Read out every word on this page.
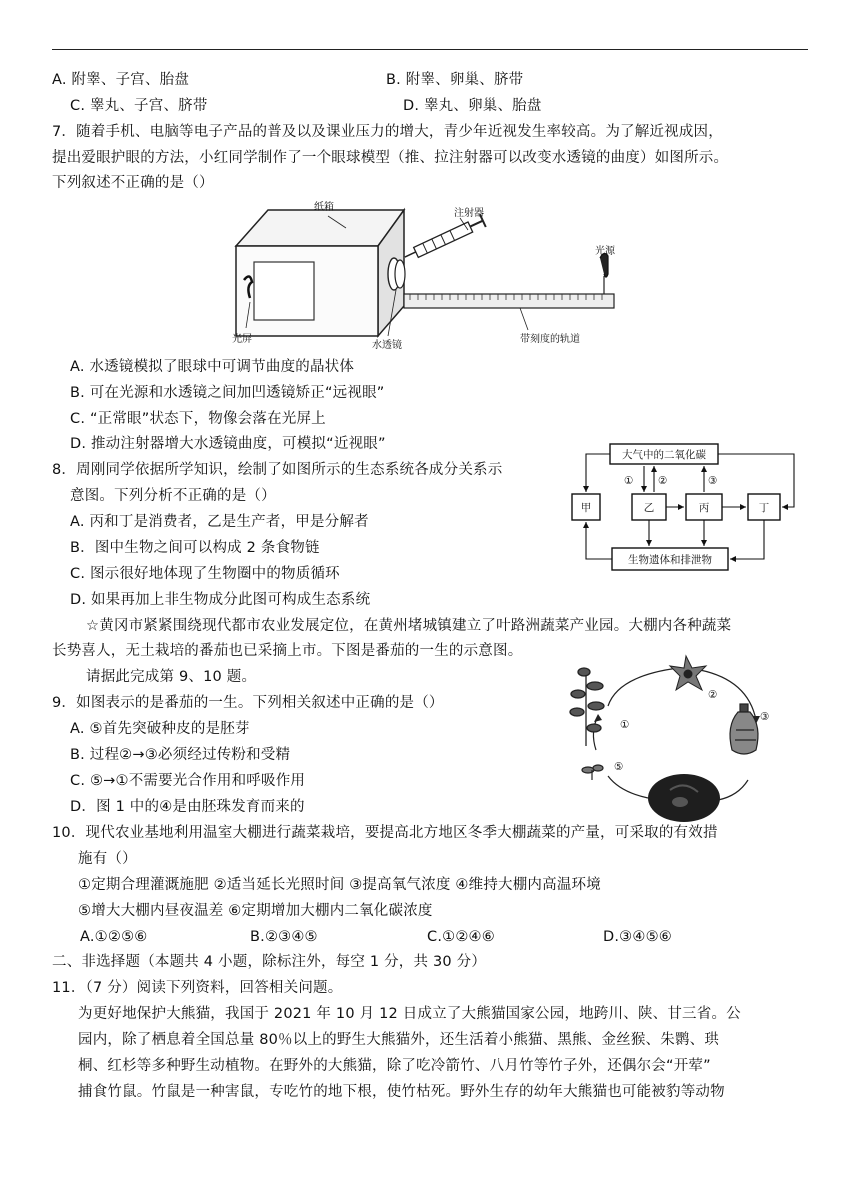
A. 附睾、子宫、胎盘	B. 附睾、卵巢、脐带
C. 睾丸、子宫、脐带	D. 睾丸、卵巢、胎盘
7．随着手机、电脑等电子产品的普及以及课业压力的增大，青少年近视发生率较高。为了解近视成因，
提出爱眼护眼的方法，小红同学制作了一个眼球模型（推、拉注射器可以改变水透镜的曲度）如图所示。
下列叙述不正确的是（）
纸箱
注射器
光源
光屏
水透镜
带刻度的轨道
A. 水透镜模拟了眼球中可调节曲度的晶状体
B. 可在光源和水透镜之间加凹透镜矫正“远视眼”
C. “正常眼”状态下，物像会落在光屏上
D. 推动注射器增大水透镜曲度，可模拟“近视眼”
8．周刚同学依据所学知识，绘制了如图所示的生态系统各成分关系示
意图。下列分析不正确的是（）
大气中的二氧化碳
甲	乙	丙	丁
生物遗体和排泄物
① ②	③
A. 丙和丁是消费者，乙是生产者，甲是分解者
B．图中生物之间可以构成 2 条食物链
C. 图示很好地体现了生物圈中的物质循环
D. 如果再加上非生物成分此图可构成生态系统
☆黄冈市紧紧围绕现代都市农业发展定位，在黄州堵城镇建立了叶路洲蔬菜产业园。大棚内各种蔬菜
长势喜人，无土栽培的番茄也已采摘上市。下图是番茄的一生的示意图。
请据此完成第 9、10 题。
①
②
③
⑤
9．如图表示的是番茄的一生。下列相关叙述中正确的是（）
A. ⑤首先突破种皮的是胚芽
B. 过程②→③必须经过传粉和受精
C. ⑤→①不需要光合作用和呼吸作用
D．图 1 中的④是由胚珠发育而来的
10．现代农业基地利用温室大棚进行蔬菜栽培，要提高北方地区冬季大棚蔬菜的产量，可采取的有效措
施有（）
①定期合理灌溉施肥 ②适当延长光照时间 ③提高氧气浓度 ④维持大棚内高温环境
⑤增大大棚内昼夜温差 ⑥定期增加大棚内二氧化碳浓度
A.①②⑤⑥	B.②③④⑤	C.①②④⑥	D.③④⑤⑥
二、非选择题（本题共 4 小题，除标注外，每空 1 分，共 30 分）
11．（7 分）阅读下列资料，回答相关问题。
为更好地保护大熊猫，我国于 2021 年 10 月 12 日成立了大熊猫国家公园，地跨川、陕、甘三省。公
园内，除了栖息着全国总量 80％以上的野生大熊猫外，还生活着小熊猫、黑熊、金丝猴、朱鹮、珙
桐、红杉等多种野生动植物。在野外的大熊猫，除了吃冷箭竹、八月竹等竹子外，还偶尔会“开荤”
捕食竹鼠。竹鼠是一种害鼠，专吃竹的地下根，使竹枯死。野外生存的幼年大熊猫也可能被豹等动物
